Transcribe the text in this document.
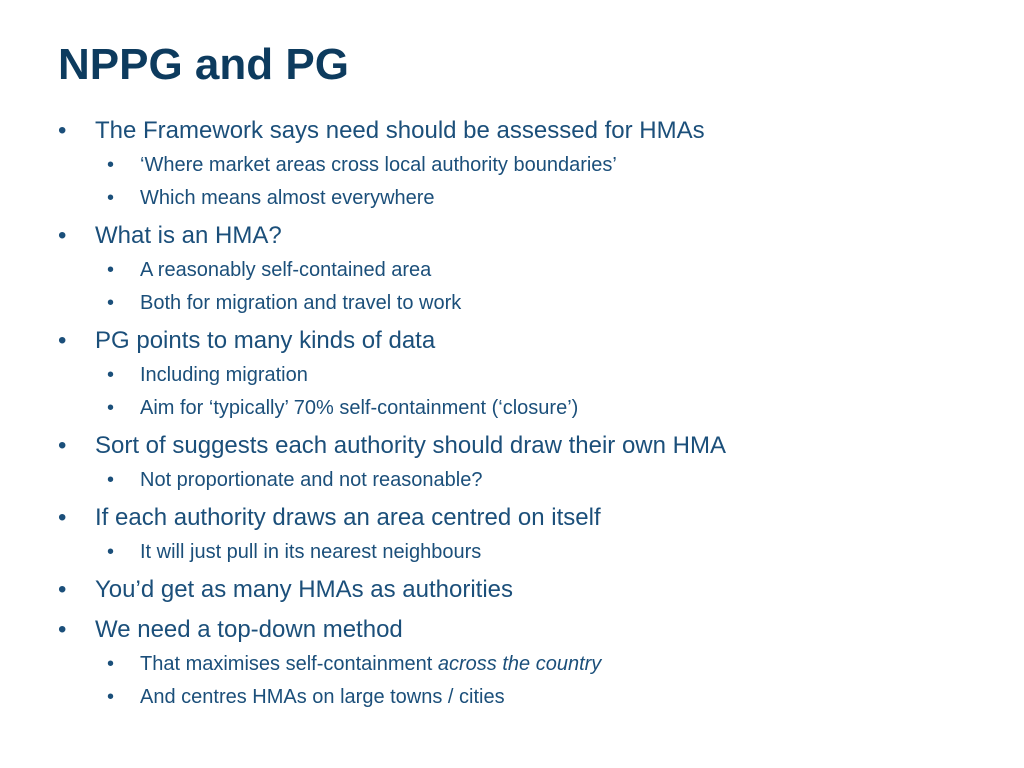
NPPG and PG
• The Framework says need should be assessed for HMAs
• ‘Where market areas cross local authority boundaries’
• Which means almost everywhere
• What is an HMA?
• A reasonably self-contained area
• Both for migration and travel to work
• PG points to many kinds of data
• Including migration
• Aim for ‘typically’ 70% self-containment (‘closure’)
• Sort of suggests each authority should draw their own HMA
• Not proportionate and not reasonable?
• If each authority draws an area centred on itself
• It will just pull in its nearest neighbours
• You’d get as many HMAs as authorities
• We need a top-down method
• That maximises self-containment across the country
• And centres HMAs on large towns / cities
